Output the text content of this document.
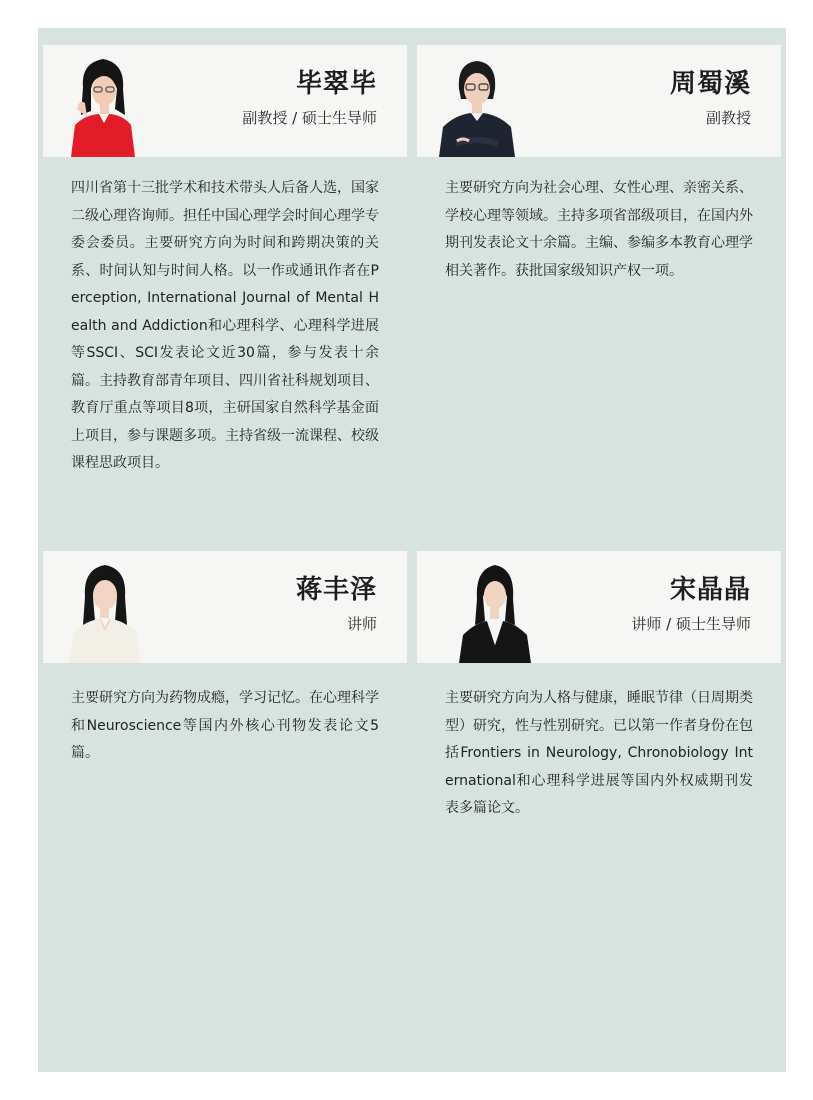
毕翠毕
副教授 / 硕士生导师
四川省第十三批学术和技术带头人后备人选，国家二级心理咨询师。担任中国心理学会时间心理学专委会委员。主要研究方向为时间和跨期决策的关系、时间认知与时间人格。以一作或通讯作者在Perception, International Journal of Mental Health and Addiction和心理科学、心理科学进展等SSCI、SCI发表论文近30篇，参与发表十余篇。主持教育部青年项目、四川省社科规划项目、教育厅重点等项目8项，主研国家自然科学基金面上项目，参与课题多项。主持省级一流课程、校级课程思政项目。
周蜀溪
副教授
主要研究方向为社会心理、女性心理、亲密关系、学校心理等领域。主持多项省部级项目，在国内外期刊发表论文十余篇。主编、参编多本教育心理学相关著作。获批国家级知识产权一项。
蒋丰泽
讲师
主要研究方向为药物成瘾，学习记忆。在心理科学和Neuroscience等国内外核心刊物发表论文5篇。
宋晶晶
讲师 / 硕士生导师
主要研究方向为人格与健康，睡眠节律（日周期类型）研究，性与性别研究。已以第一作者身份在包括Frontiers in Neurology, Chronobiology International和心理科学进展等国内外权威期刊发表多篇论文。
